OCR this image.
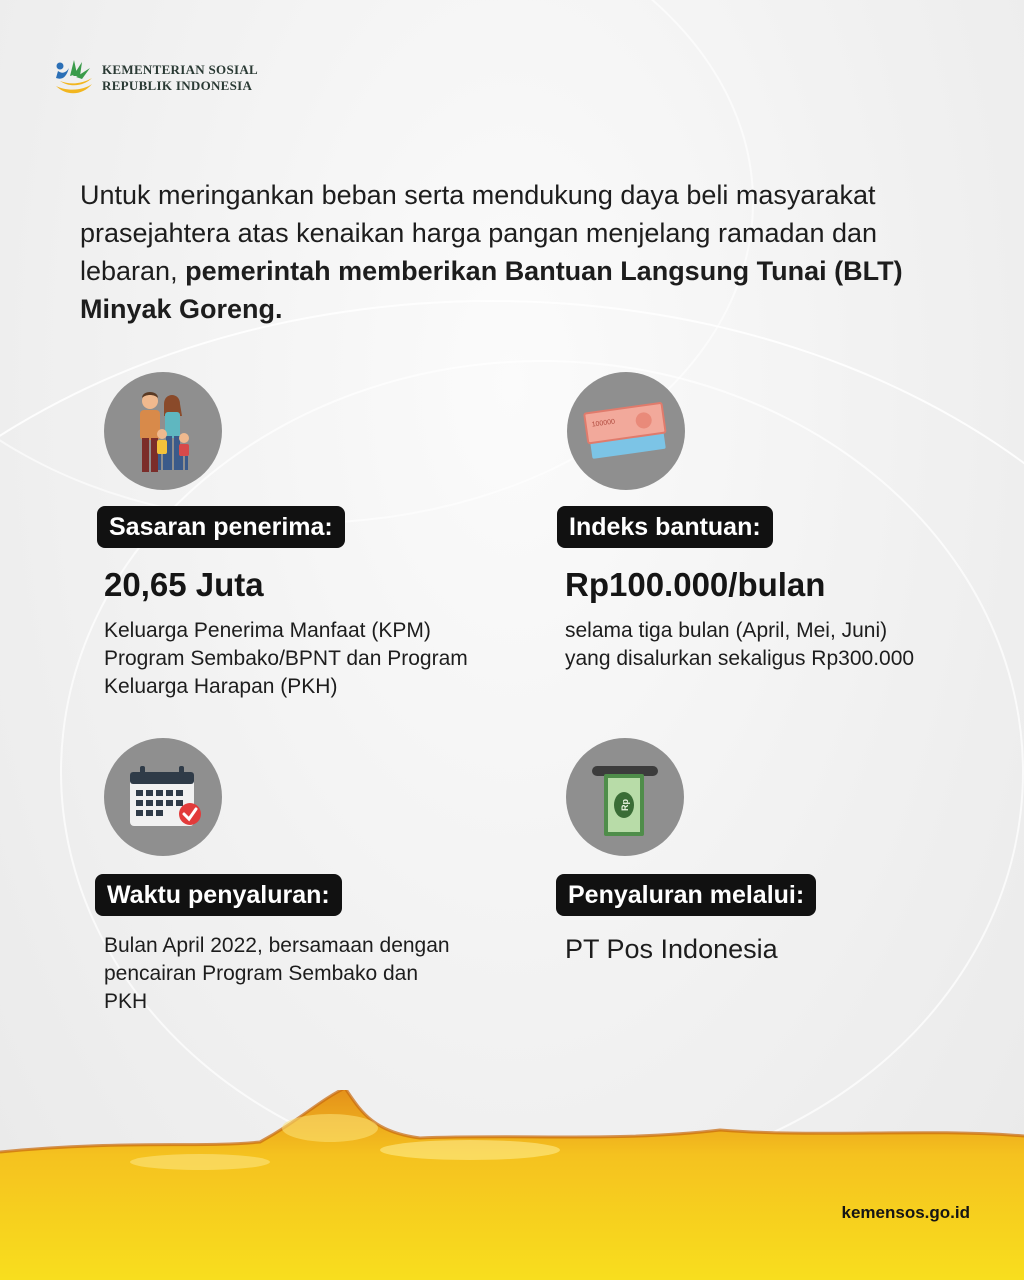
KEMENTERIAN SOSIAL
REPUBLIK INDONESIA

Untuk meringankan beban serta mendukung daya beli masyarakat prasejahtera atas kenaikan harga pangan menjelang ramadan dan lebaran, pemerintah memberikan Bantuan Langsung Tunai (BLT) Minyak Goreng.

Sasaran penerima:
20,65 Juta

Keluarga Penerima Manfaat (KPM) Program Sembako/BPNT dan Program Keluarga Harapan (PKH)

100000
Indeks bantuan:
Rp100.000/bulan

selama tiga bulan (April, Mei, Juni) yang disalurkan sekaligus Rp300.000

Waktu penyaluran:

Bulan April 2022, bersamaan dengan pencairan Program Sembako dan PKH

Rp
Penyaluran melalui:

PT Pos Indonesia

kemensos.go.id
